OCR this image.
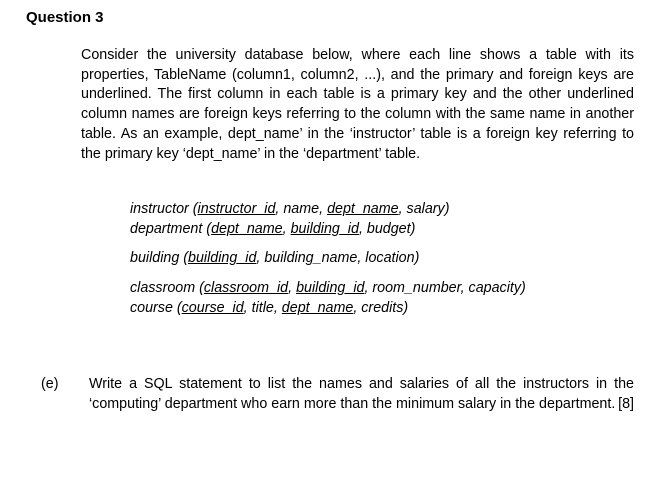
Question 3

Consider the university database below, where each line shows a table with its properties, TableName (column1, column2, ...), and the primary and foreign keys are underlined. The first column in each table is a primary key and the other underlined column names are foreign keys referring to the column with the same name in another table. As an example, dept_name’ in the ‘instructor’ table is a foreign key referring to the primary key ‘dept_name’ in the ‘department’ table.

instructor (instructor_id, name, dept_name, salary)
department (dept_name, building_id, budget)
building (building_id, building_name, location)
classroom (classroom_id, building_id, room_number, capacity)
course (course_id, title, dept_name, credits)
(e) Write a SQL statement to list the names and salaries of all the instructors in the ‘computing’ department who earn more than the minimum salary in the department. [8]
